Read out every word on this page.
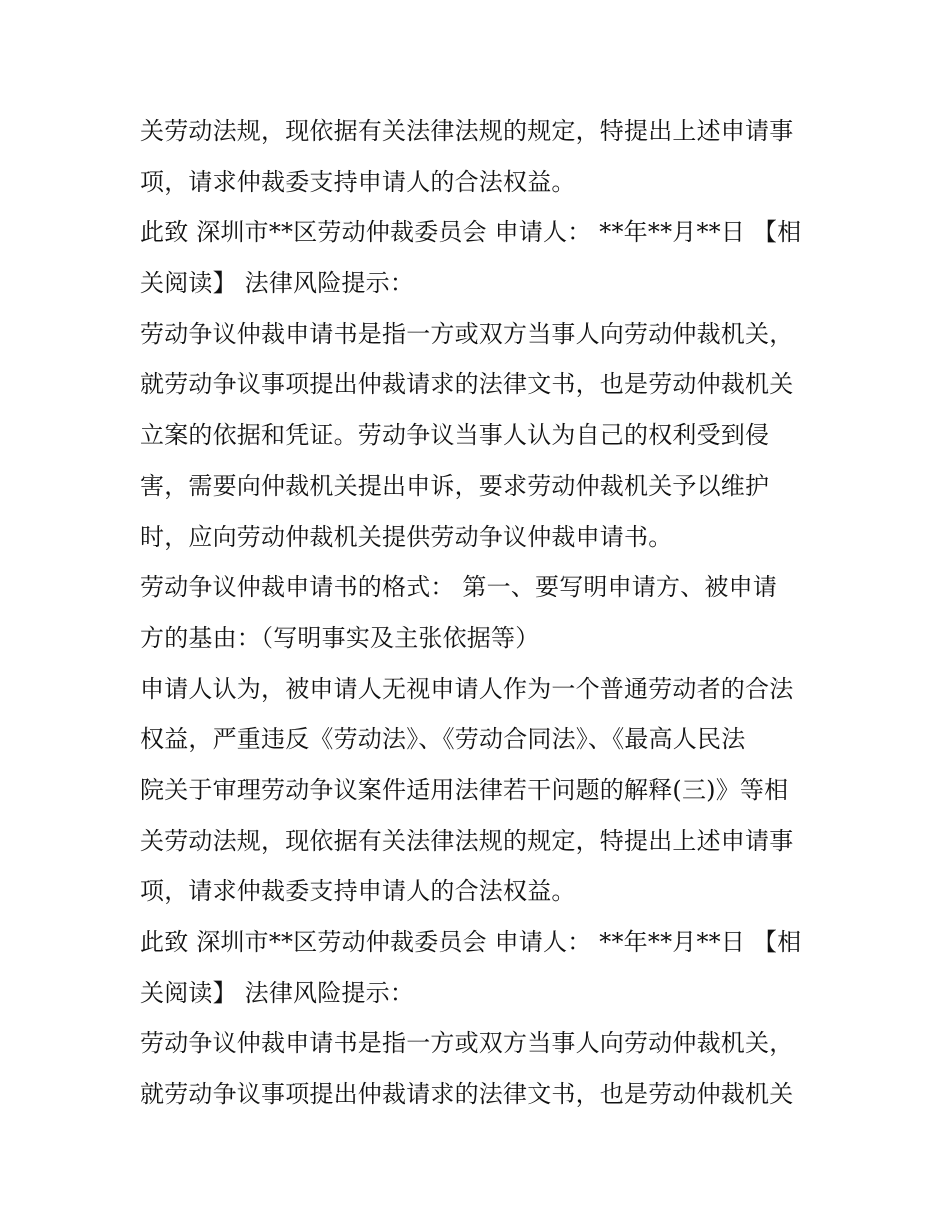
关劳动法规，现依据有关法律法规的规定，特提出上述申请事
项，请求仲裁委支持申请人的合法权益。
此致 深圳市**区劳动仲裁委员会 申请人： **年**月**日 【相
关阅读】 法律风险提示：
劳动争议仲裁申请书是指一方或双方当事人向劳动仲裁机关，
就劳动争议事项提出仲裁请求的法律文书，也是劳动仲裁机关
立案的依据和凭证。劳动争议当事人认为自己的权利受到侵
害，需要向仲裁机关提出申诉，要求劳动仲裁机关予以维护
时，应向劳动仲裁机关提供劳动争议仲裁申请书。
劳动争议仲裁申请书的格式： 第一、要写明申请方、被申请
方的基由：（写明事实及主张依据等）
申请人认为，被申请人无视申请人作为一个普通劳动者的合法
权益，严重违反《劳动法》、《劳动合同法》、《最高人民法
院关于审理劳动争议案件适用法律若干问题的解释(三)》等相
关劳动法规，现依据有关法律法规的规定，特提出上述申请事
项，请求仲裁委支持申请人的合法权益。
此致 深圳市**区劳动仲裁委员会 申请人： **年**月**日 【相
关阅读】 法律风险提示：
劳动争议仲裁申请书是指一方或双方当事人向劳动仲裁机关，
就劳动争议事项提出仲裁请求的法律文书，也是劳动仲裁机关
